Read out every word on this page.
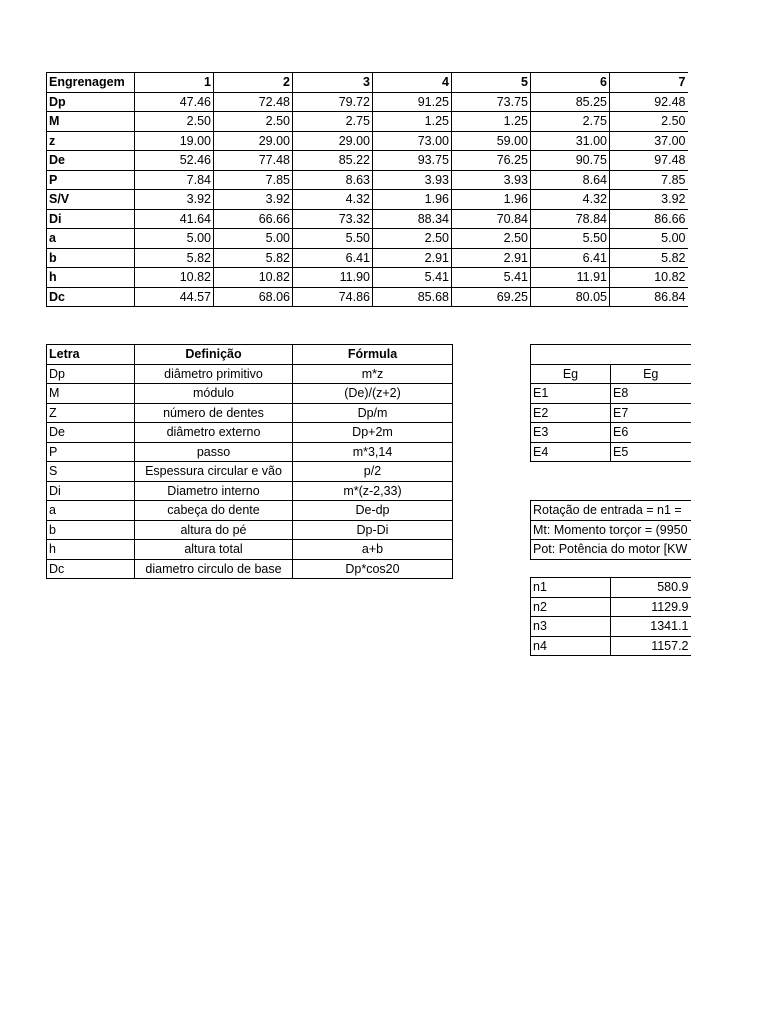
Engrenagem	1	2	3	4	5	6	7
Dp	47.46	72.48	79.72	91.25	73.75	85.25	92.48
M	2.50	2.50	2.75	1.25	1.25	2.75	2.50
z	19.00	29.00	29.00	73.00	59.00	31.00	37.00
De	52.46	77.48	85.22	93.75	76.25	90.75	97.48
P	7.84	7.85	8.63	3.93	3.93	8.64	7.85
S/V	3.92	3.92	4.32	1.96	1.96	4.32	3.92
Di	41.64	66.66	73.32	88.34	70.84	78.84	86.66
a	5.00	5.00	5.50	2.50	2.50	5.50	5.00
b	5.82	5.82	6.41	2.91	2.91	6.41	5.82
h	10.82	10.82	11.90	5.41	5.41	11.91	10.82
Dc	44.57	68.06	74.86	85.68	69.25	80.05	86.84
Letra	Definição	Fórmula
Dp	diâmetro primitivo	m*z
M	módulo	(De)/(z+2)
Z	número de dentes	Dp/m
De	diâmetro externo	Dp+2m
P	passo	m*3,14
S	Espessura circular e vão	p/2
Di	Diametro interno	m*(z-2,33)
a	cabeça do dente	De-dp
b	altura do pé	Dp-Di
h	altura total	a+b
Dc	diametro circulo de base	Dp*cos20

Eg	Eg
E1	E8
E2	E7
E3	E6
E4	E5
Rotação de entrada = n1 =
Mt: Momento torçor = (9950
Pot: Potência do motor [KW
n1	580.9
n2	1129.9
n3	1341.1
n4	1157.2
